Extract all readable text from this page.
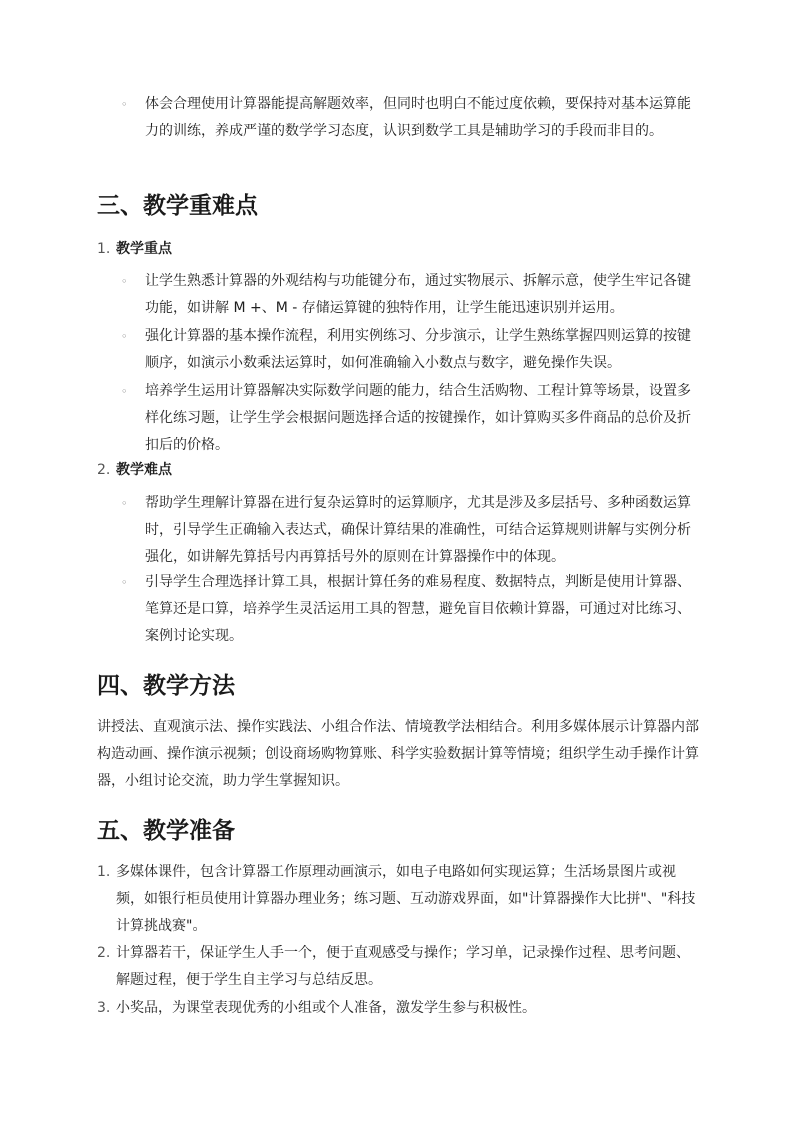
◦ 体会合理使用计算器能提高解题效率，但同时也明白不能过度依赖，要保持对基本运算能力的训练，养成严谨的数学学习态度，认识到数学工具是辅助学习的手段而非目的。
三、教学重难点
1. 教学重点
◦ 让学生熟悉计算器的外观结构与功能键分布，通过实物展示、拆解示意，使学生牢记各键功能，如讲解 M +、M - 存储运算键的独特作用，让学生能迅速识别并运用。
◦ 强化计算器的基本操作流程，利用实例练习、分步演示，让学生熟练掌握四则运算的按键顺序，如演示小数乘法运算时，如何准确输入小数点与数字，避免操作失误。
◦ 培养学生运用计算器解决实际数学问题的能力，结合生活购物、工程计算等场景，设置多样化练习题，让学生学会根据问题选择合适的按键操作，如计算购买多件商品的总价及折扣后的价格。
2. 教学难点
◦ 帮助学生理解计算器在进行复杂运算时的运算顺序，尤其是涉及多层括号、多种函数运算时，引导学生正确输入表达式，确保计算结果的准确性，可结合运算规则讲解与实例分析强化，如讲解先算括号内再算括号外的原则在计算器操作中的体现。
◦ 引导学生合理选择计算工具，根据计算任务的难易程度、数据特点，判断是使用计算器、笔算还是口算，培养学生灵活运用工具的智慧，避免盲目依赖计算器，可通过对比练习、案例讨论实现。
四、教学方法

讲授法、直观演示法、操作实践法、小组合作法、情境教学法相结合。利用多媒体展示计算器内部构造动画、操作演示视频；创设商场购物算账、科学实验数据计算等情境；组织学生动手操作计算器，小组讨论交流，助力学生掌握知识。

五、教学准备
1. 多媒体课件，包含计算器工作原理动画演示，如电子电路如何实现运算；生活场景图片或视频，如银行柜员使用计算器办理业务；练习题、互动游戏界面，如"计算器操作大比拼"、"科技计算挑战赛"。
2. 计算器若干，保证学生人手一个，便于直观感受与操作；学习单，记录操作过程、思考问题、解题过程，便于学生自主学习与总结反思。
3. 小奖品，为课堂表现优秀的小组或个人准备，激发学生参与积极性。
